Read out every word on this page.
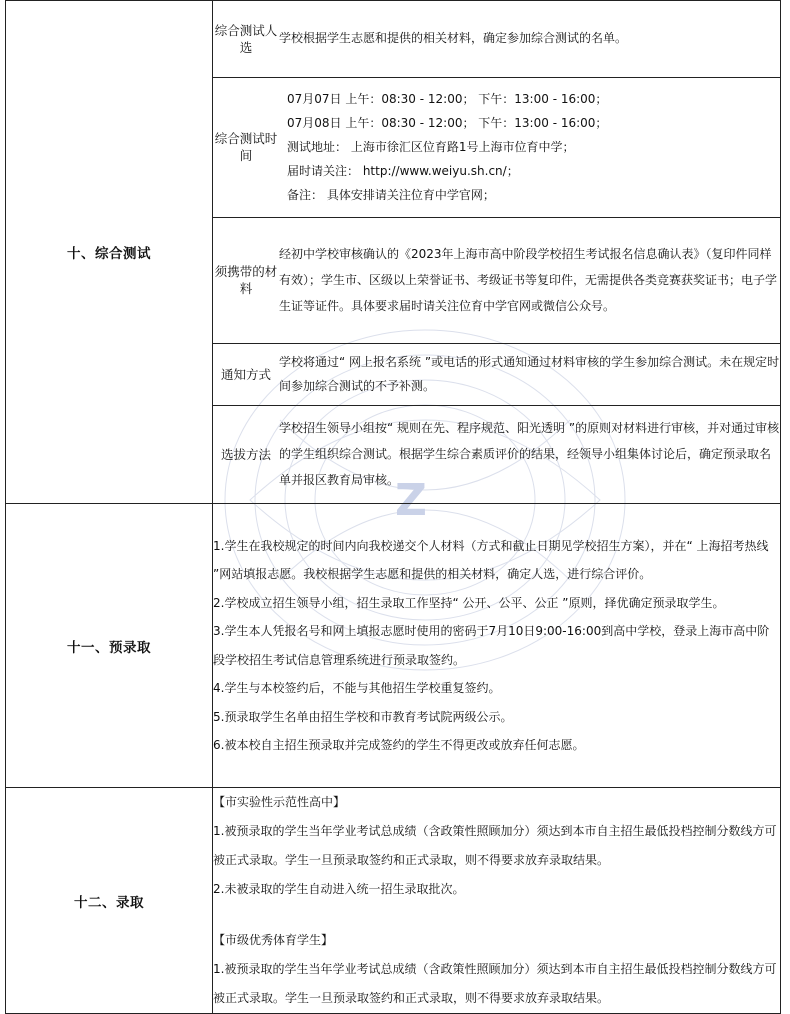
Z
十、综合测试	
综合测试人选	
学校根据学生志愿和提供的相关材料，确定参加综合测试的名单。

综合测试时间	
07月07日 上午：08:30 - 12:00； 下午：13:00 - 16:00；
07月08日 上午：08:30 - 12:00； 下午：13:00 - 16:00；
测试地址： 上海市徐汇区位育路1号上海市位育中学；
届时请关注： http://www.weiyu.sh.cn/；
备注： 具体安排请关注位育中学官网；

须携带的材料	
经初中学校审核确认的《2023年上海市高中阶段学校招生考试报名信息确认表》（复印件同样有效）；学生市、区级以上荣誉证书、考级证书等复印件，无需提供各类竞赛获奖证书；电子学生证等证件。具体要求届时请关注位育中学官网或微信公众号。

通知方式	
学校将通过“ 网上报名系统 ”或电话的形式通知通过材料审核的学生参加综合测试。未在规定时间参加综合测试的不予补测。

选拔方法	
学校招生领导小组按“ 规则在先、程序规范、阳光透明 ”的原则对材料进行审核，并对通过审核的学生组织综合测试。根据学生综合素质评价的结果，经领导小组集体讨论后，确定预录取名单并报区教育局审核。

十一、预录取	
1.学生在我校规定的时间内向我校递交个人材料（方式和截止日期见学校招生方案），并在“ 上海招考热线 ”网站填报志愿。我校根据学生志愿和提供的相关材料，确定人选，进行综合评价。
2.学校成立招生领导小组，招生录取工作坚持“ 公开、公平、公正 ”原则，择优确定预录取学生。
3.学生本人凭报名号和网上填报志愿时使用的密码于7月10日9:00-16:00到高中学校，登录上海市高中阶段学校招生考试信息管理系统进行预录取签约。
4.学生与本校签约后，不能与其他招生学校重复签约。
5.预录取学生名单由招生学校和市教育考试院两级公示。
6.被本校自主招生预录取并完成签约的学生不得更改或放弃任何志愿。

十二、录取	
【市实验性示范性高中】
1.被预录取的学生当年学业考试总成绩（含政策性照顾加分）须达到本市自主招生最低投档控制分数线方可被正式录取。学生一旦预录取签约和正式录取，则不得要求放弃录取结果。
2.未被录取的学生自动进入统一招生录取批次。
【市级优秀体育学生】
1.被预录取的学生当年学业考试总成绩（含政策性照顾加分）须达到本市自主招生最低投档控制分数线方可被正式录取。学生一旦预录取签约和正式录取，则不得要求放弃录取结果。
